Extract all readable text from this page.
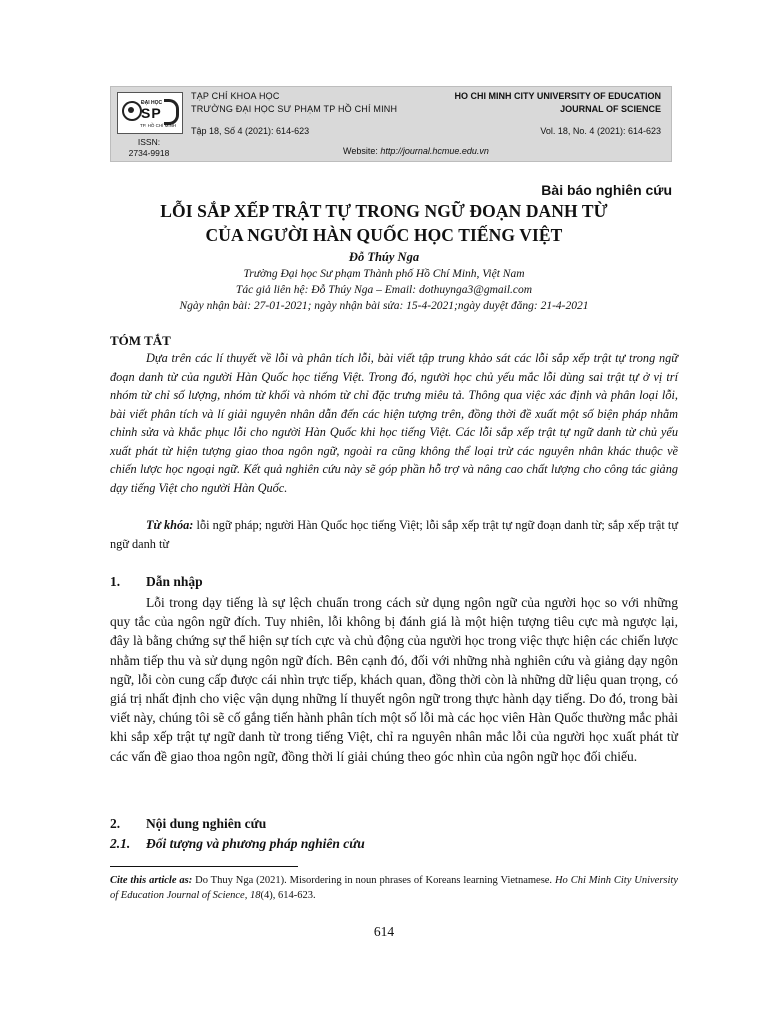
ĐẠI HỌC
SP
TP. HỒ CHÍ MINH
TẠP CHÍ KHOA HỌC
TRƯỜNG ĐẠI HỌC SƯ PHẠM TP HỒ CHÍ MINH
Tập 18, Số 4 (2021): 614-623
HO CHI MINH CITY UNIVERSITY OF EDUCATION
JOURNAL OF SCIENCE
Vol. 18, No. 4 (2021): 614-623
ISSN:
2734-9918	Website: http://journal.hcmue.edu.vn
Bài báo nghiên cứu
LỖI SẮP XẾP TRẬT TỰ TRONG NGỮ ĐOẠN DANH TỪ
CỦA NGƯỜI HÀN QUỐC HỌC TIẾNG VIỆT
Đỗ Thúy Nga
Trường Đại học Sư phạm Thành phố Hồ Chí Minh, Việt Nam
Tác giả liên hệ: Đỗ Thúy Nga – Email: dothuynga3@gmail.com
Ngày nhận bài: 27-01-2021; ngày nhận bài sửa: 15-4-2021;ngày duyệt đăng: 21-4-2021
TÓM TẮT
Dựa trên các lí thuyết về lỗi và phân tích lỗi, bài viết tập trung khảo sát các lỗi sắp xếp trật tự trong ngữ đoạn danh từ của người Hàn Quốc học tiếng Việt. Trong đó, người học chủ yếu mắc lỗi dùng sai trật tự ở vị trí nhóm từ chỉ số lượng, nhóm từ khối và nhóm từ chỉ đặc trưng miêu tả. Thông qua việc xác định và phân loại lỗi, bài viết phân tích và lí giải nguyên nhân dẫn đến các hiện tượng trên, đồng thời đề xuất một số biện pháp nhằm chỉnh sửa và khắc phục lỗi cho người Hàn Quốc khi học tiếng Việt. Các lỗi sắp xếp trật tự ngữ danh từ chủ yếu xuất phát từ hiện tượng giao thoa ngôn ngữ, ngoài ra cũng không thể loại trừ các nguyên nhân khác thuộc về chiến lược học ngoại ngữ. Kết quả nghiên cứu này sẽ góp phần hỗ trợ và nâng cao chất lượng cho công tác giảng dạy tiếng Việt cho người Hàn Quốc.
Từ khóa: lỗi ngữ pháp; người Hàn Quốc học tiếng Việt; lỗi sắp xếp trật tự ngữ đoạn danh từ; sắp xếp trật tự ngữ danh từ
1. Dẫn nhập
Lỗi trong dạy tiếng là sự lệch chuẩn trong cách sử dụng ngôn ngữ của người học so với những quy tắc của ngôn ngữ đích. Tuy nhiên, lỗi không bị đánh giá là một hiện tượng tiêu cực mà ngược lại, đây là bằng chứng sự thể hiện sự tích cực và chủ động của người học trong việc thực hiện các chiến lược nhằm tiếp thu và sử dụng ngôn ngữ đích. Bên cạnh đó, đối với những nhà nghiên cứu và giảng dạy ngôn ngữ, lỗi còn cung cấp được cái nhìn trực tiếp, khách quan, đồng thời còn là những dữ liệu quan trọng, có giá trị nhất định cho việc vận dụng những lí thuyết ngôn ngữ trong thực hành dạy tiếng. Do đó, trong bài viết này, chúng tôi sẽ cố gắng tiến hành phân tích một số lỗi mà các học viên Hàn Quốc thường mắc phải khi sắp xếp trật tự ngữ danh từ trong tiếng Việt, chỉ ra nguyên nhân mắc lỗi của người học xuất phát từ các vấn đề giao thoa ngôn ngữ, đồng thời lí giải chúng theo góc nhìn của ngôn ngữ học đối chiếu.
2. Nội dung nghiên cứu
2.1. Đối tượng và phương pháp nghiên cứu
Cite this article as: Do Thuy Nga (2021). Misordering in noun phrases of Koreans learning Vietnamese. Ho Chi Minh City University of Education Journal of Science, 18(4), 614-623.
614
